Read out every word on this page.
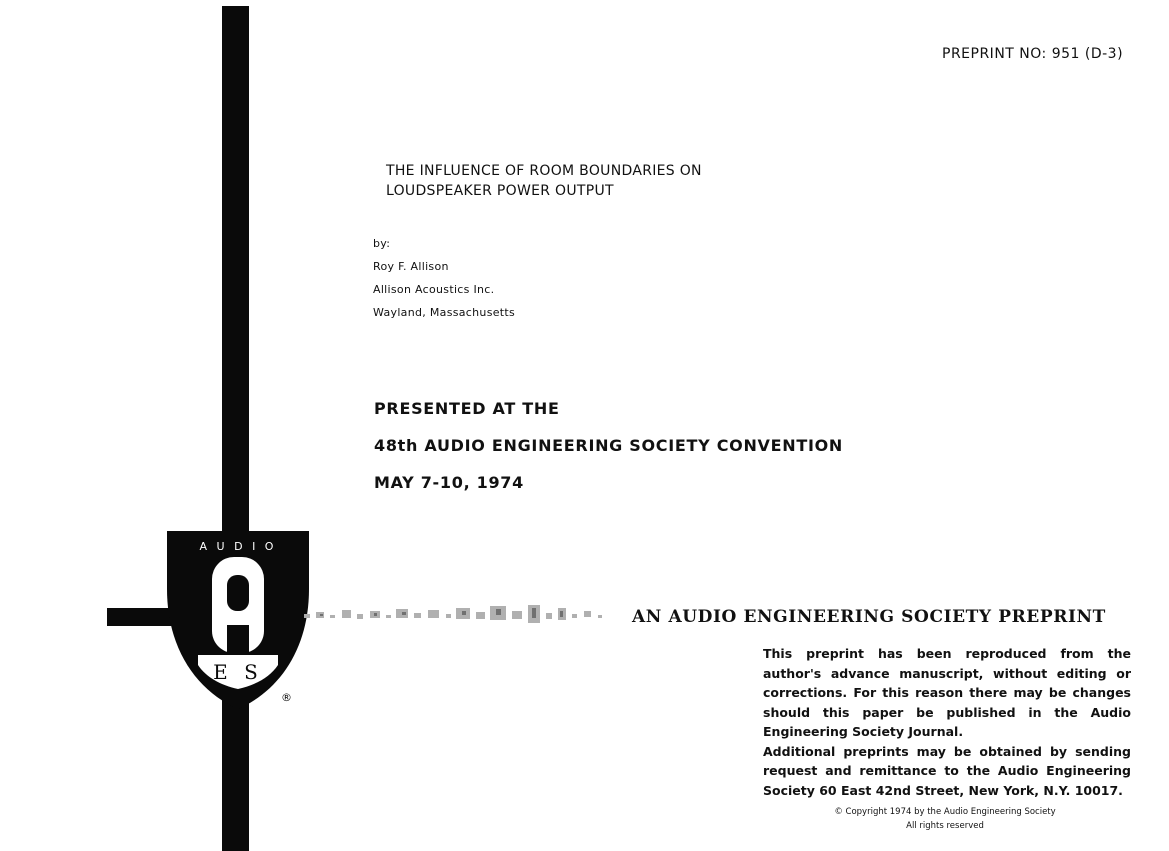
PREPRINT NO: 951 (D-3)
THE INFLUENCE OF ROOM BOUNDARIES ON
LOUDSPEAKER POWER OUTPUT
by:
Roy F. Allison
Allison Acoustics Inc.
Wayland, Massachusetts
PRESENTED AT THE
48th AUDIO ENGINEERING SOCIETY CONVENTION
MAY 7-10, 1974
A U D I O
E S
®
AN AUDIO ENGINEERING SOCIETY PREPRINT

This preprint has been reproduced from the author's advance manuscript, without editing or corrections. For this reason there may be changes should this paper be published in the Audio Engineering Society Journal.

Additional preprints may be obtained by sending request and remittance to the Audio Engineering Society 60 East 42nd Street, New York, N.Y. 10017.

© Copyright 1974 by the Audio Engineering Society
All rights reserved
